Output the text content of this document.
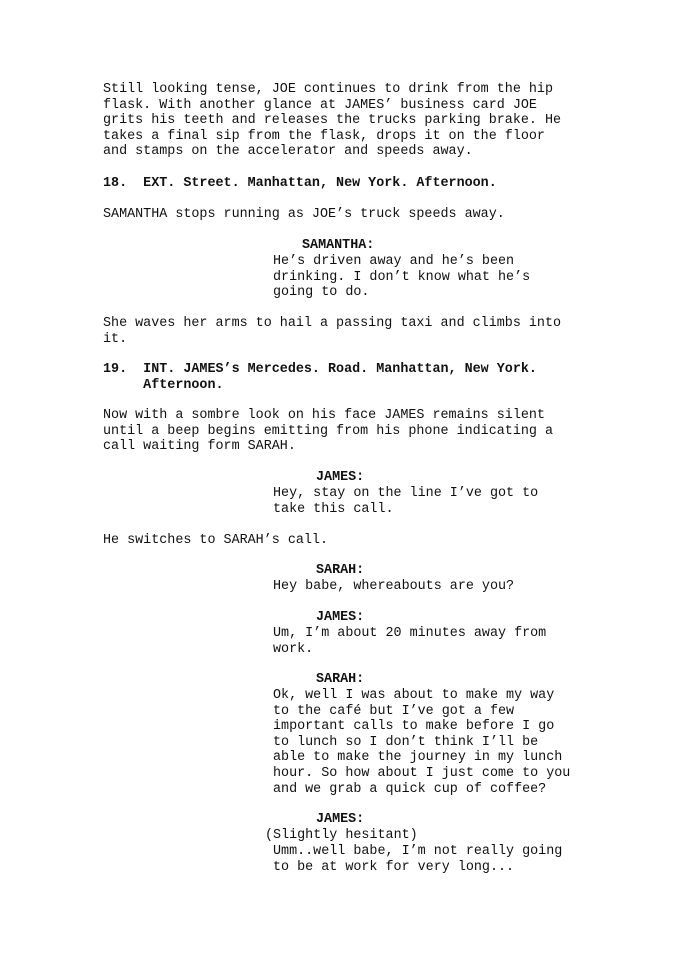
Still looking tense, JOE continues to drink from the hip
flask. With another glance at JAMES’ business card JOE
grits his teeth and releases the trucks parking brake. He
takes a final sip from the flask, drops it on the floor
and stamps on the accelerator and speeds away.
18.  EXT. Street. Manhattan, New York. Afternoon.
SAMANTHA stops running as JOE’s truck speeds away.
SAMANTHA:
He’s driven away and he’s been
drinking. I don’t know what he’s
going to do.
She waves her arms to hail a passing taxi and climbs into
it.
19.  INT. JAMES’s Mercedes. Road. Manhattan, New York.
Afternoon.
Now with a sombre look on his face JAMES remains silent
until a beep begins emitting from his phone indicating a
call waiting form SARAH.
JAMES:
Hey, stay on the line I’ve got to
take this call.
He switches to SARAH’s call.
SARAH:
Hey babe, whereabouts are you?
JAMES:
Um, I’m about 20 minutes away from
work.
SARAH:
Ok, well I was about to make my way
to the café but I’ve got a few
important calls to make before I go
to lunch so I don’t think I’ll be
able to make the journey in my lunch
hour. So how about I just come to you
and we grab a quick cup of coffee?
JAMES:
(Slightly hesitant)
Umm..well babe, I’m not really going
to be at work for very long...
